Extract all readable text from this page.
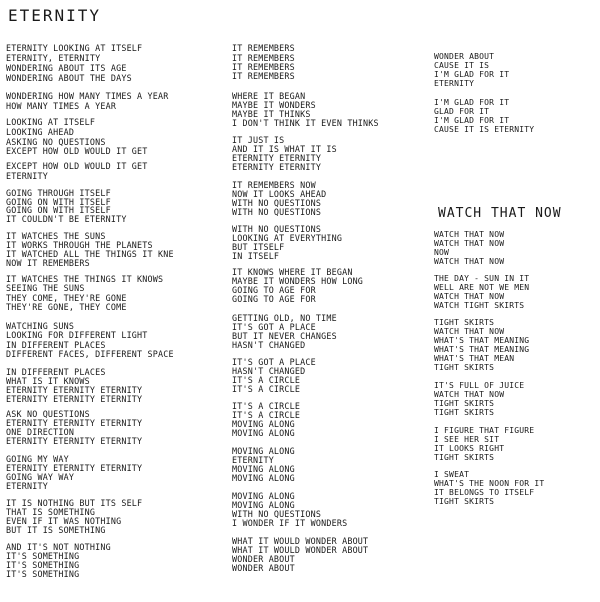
ETERNITY
WATCH THAT NOW
ETERNITY LOOKING AT ITSELF
ETERNITY, ETERNITY
WONDERING ABOUT ITS AGE
WONDERING ABOUT THE DAYS
WONDERING HOW MANY TIMES A YEAR
HOW MANY TIMES A YEAR
LOOKING AT ITSELF
LOOKING AHEAD
ASKING NO QUESTIONS
EXCEPT HOW OLD WOULD IT GET
EXCEPT HOW OLD WOULD IT GET
ETERNITY
GOING THROUGH ITSELF
GOING ON WITH ITSELF
GOING ON WITH ITSELF
IT COULDN'T BE ETERNITY
IT WATCHES THE SUNS
IT WORKS THROUGH THE PLANETS
IT WATCHED ALL THE THINGS IT KNE
NOW IT REMEMBERS
IT WATCHES THE THINGS IT KNOWS
SEEING THE SUNS
THEY COME, THEY'RE GONE
THEY'RE GONE, THEY COME
WATCHING SUNS
LOOKING FOR DIFFERENT LIGHT
IN DIFFERENT PLACES
DIFFERENT FACES, DIFFERENT SPACE
IN DIFFERENT PLACES
WHAT IS IT KNOWS
ETERNITY ETERNITY ETERNITY
ETERNITY ETERNITY ETERNITY
ASK NO QUESTIONS
ETERNITY ETERNITY ETERNITY
ONE DIRECTION
ETERNITY ETERNITY ETERNITY
GOING MY WAY
ETERNITY ETERNITY ETERNITY
GOING WAY WAY
ETERNITY
IT IS NOTHING BUT ITS SELF
THAT IS SOMETHING
EVEN IF IT WAS NOTHING
BUT IT IS SOMETHING
AND IT'S NOT NOTHING
IT'S SOMETHING
IT'S SOMETHING
IT'S SOMETHING
IT REMEMBERS
IT REMEMBERS
IT REMEMBERS
IT REMEMBERS
WHERE IT BEGAN
MAYBE IT WONDERS
MAYBE IT THINKS
I DON'T THINK IT EVEN THINKS
IT JUST IS
AND IT IS WHAT IT IS
ETERNITY ETERNITY
ETERNITY ETERNITY
IT REMEMBERS NOW
NOW IT LOOKS AHEAD
WITH NO QUESTIONS
WITH NO QUESTIONS
WITH NO QUESTIONS
LOOKING AT EVERYTHING
BUT ITSELF
IN ITSELF
IT KNOWS WHERE IT BEGAN
MAYBE IT WONDERS HOW LONG
GOING TO AGE FOR
GOING TO AGE FOR
GETTING OLD, NO TIME
IT'S GOT A PLACE
BUT IT NEVER CHANGES
HASN'T CHANGED
IT'S GOT A PLACE
HASN'T CHANGED
IT'S A CIRCLE
IT'S A CIRCLE
IT'S A CIRCLE
IT'S A CIRCLE
MOVING ALONG
MOVING ALONG
MOVING ALONG
ETERNITY
MOVING ALONG
MOVING ALONG
MOVING ALONG
MOVING ALONG
WITH NO QUESTIONS
I WONDER IF IT WONDERS
WHAT IT WOULD WONDER ABOUT
WHAT IT WOULD WONDER ABOUT
WONDER ABOUT
WONDER ABOUT
WONDER ABOUT
CAUSE IT IS
I'M GLAD FOR IT
ETERNITY
I'M GLAD FOR IT
GLAD FOR IT
I'M GLAD FOR IT
CAUSE IT IS ETERNITY
WATCH THAT NOW
WATCH THAT NOW
NOW
WATCH THAT NOW
THE DAY - SUN IN IT
WELL ARE NOT WE MEN
WATCH THAT NOW
WATCH TIGHT SKIRTS
TIGHT SKIRTS
WATCH THAT NOW
WHAT'S THAT MEANING
WHAT'S THAT MEANING
WHAT'S THAT MEAN
TIGHT SKIRTS
IT'S FULL OF JUICE
WATCH THAT NOW
TIGHT SKIRTS
TIGHT SKIRTS
I FIGURE THAT FIGURE
I SEE HER SIT
IT LOOKS RIGHT
TIGHT SKIRTS
I SWEAT
WHAT'S THE NOON FOR IT
IT BELONGS TO ITSELF
TIGHT SKIRTS
